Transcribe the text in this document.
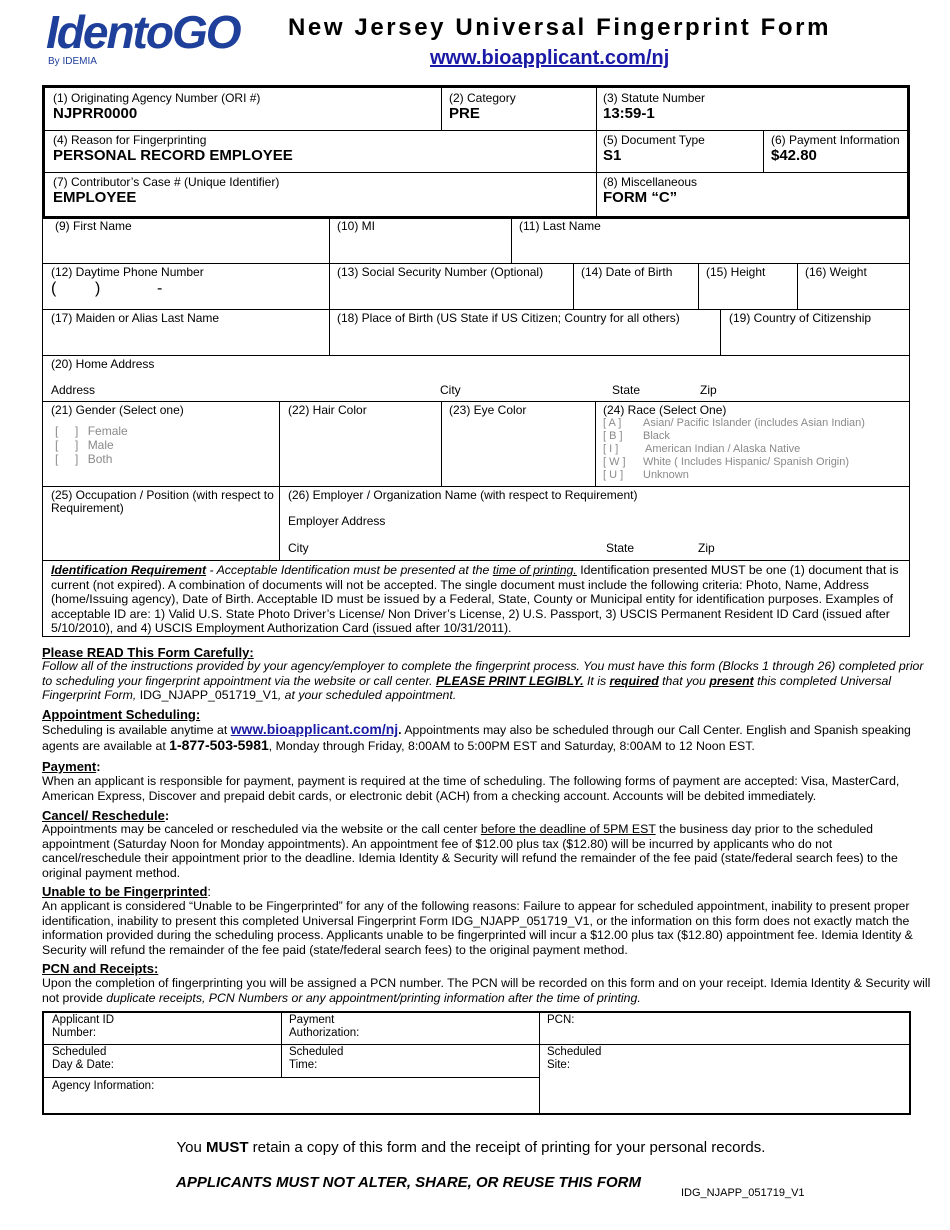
IdentoGO
By IDEMIA
New Jersey Universal Fingerprint Form
www.bioapplicant.com/nj
(1) Originating Agency Number (ORI #)
NJPRR0000
(2) Category
PRE
(3) Statute Number
13:59-1
(4) Reason for Fingerprinting
PERSONAL RECORD EMPLOYEE
(5) Document Type
S1
(6) Payment Information
$42.80
(7) Contributor’s Case # (Unique Identifier)
EMPLOYEE
(8) Miscellaneous
FORM “C”
(9) First Name	(10) MI	(11) Last Name
(12) Daytime Phone Number
( )	-
(13) Social Security Number (Optional)	(14) Date of Birth	(15) Height	(16) Weight
(17) Maiden or Alias Last Name	(18) Place of Birth (US State if US Citizen; Country for all others)	(19) Country of Citizenship
(20) Home Address
Address	City	State	Zip
(21) Gender (Select one)
[     ] Female
[     ] Male
[     ] Both
(22) Hair Color	(23) Eye Color	(24) Race (Select One)
[ A ] Asian/ Pacific Islander (includes Asian Indian)
[ B ] Black
[ I ] American Indian / Alaska Native
[ W ] White ( Includes Hispanic/ Spanish Origin)
[ U ] Unknown
(25) Occupation / Position (with respect to Requirement)
(26) Employer / Organization Name (with respect to Requirement)
Employer Address
City	State	Zip
Identification Requirement - Acceptable Identification must be presented at the time of printing. Identification presented MUST be one (1) document that is current (not expired). A combination of documents will not be accepted. The single document must include the following criteria: Photo, Name, Address (home/Issuing agency), Date of Birth. Acceptable ID must be issued by a Federal, State, County or Municipal entity for identification purposes. Examples of acceptable ID are: 1) Valid U.S. State Photo Driver’s License/ Non Driver’s License, 2) U.S. Passport, 3) USCIS Permanent Resident ID Card (issued after 5/10/2010), and 4) USCIS Employment Authorization Card (issued after 10/31/2011).
Please READ This Form Carefully:
Follow all of the instructions provided by your agency/employer to complete the fingerprint process. You must have this form (Blocks 1 through 26) completed prior to scheduling your fingerprint appointment via the website or call center. PLEASE PRINT LEGIBLY. It is required that you present this completed Universal Fingerprint Form, IDG_NJAPP_051719_V1, at your scheduled appointment.
Appointment Scheduling:
Scheduling is available anytime at www.bioapplicant.com/nj. Appointments may also be scheduled through our Call Center. English and Spanish speaking agents are available at 1-877-503-5981, Monday through Friday, 8:00AM to 5:00PM EST and Saturday, 8:00AM to 12 Noon EST.
Payment:
When an applicant is responsible for payment, payment is required at the time of scheduling. The following forms of payment are accepted: Visa, MasterCard, American Express, Discover and prepaid debit cards, or electronic debit (ACH) from a checking account. Accounts will be debited immediately.
Cancel/ Reschedule:
Appointments may be canceled or rescheduled via the website or the call center before the deadline of 5PM EST the business day prior to the scheduled appointment (Saturday Noon for Monday appointments). An appointment fee of $12.00 plus tax ($12.80) will be incurred by applicants who do not cancel/reschedule their appointment prior to the deadline. Idemia Identity & Security will refund the remainder of the fee paid (state/federal search fees) to the original payment method.
Unable to be Fingerprinted:
An applicant is considered “Unable to be Fingerprinted” for any of the following reasons: Failure to appear for scheduled appointment, inability to present proper identification, inability to present this completed Universal Fingerprint Form IDG_NJAPP_051719_V1, or the information on this form does not exactly match the information provided during the scheduling process. Applicants unable to be fingerprinted will incur a $12.00 plus tax ($12.80) appointment fee. Idemia Identity & Security will refund the remainder of the fee paid (state/federal search fees) to the original payment method.
PCN and Receipts:
Upon the completion of fingerprinting you will be assigned a PCN number. The PCN will be recorded on this form and on your receipt. Idemia Identity & Security will not provide duplicate receipts, PCN Numbers or any appointment/printing information after the time of printing.
Applicant ID
Number:
Payment
Authorization:
PCN:
Scheduled
Day & Date:
Scheduled
Time:
Scheduled
Site:
Agency Information:
You MUST retain a copy of this form and the receipt of printing for your personal records.
APPLICANTS MUST NOT ALTER, SHARE, OR REUSE THIS FORM
IDG_NJAPP_051719_V1
